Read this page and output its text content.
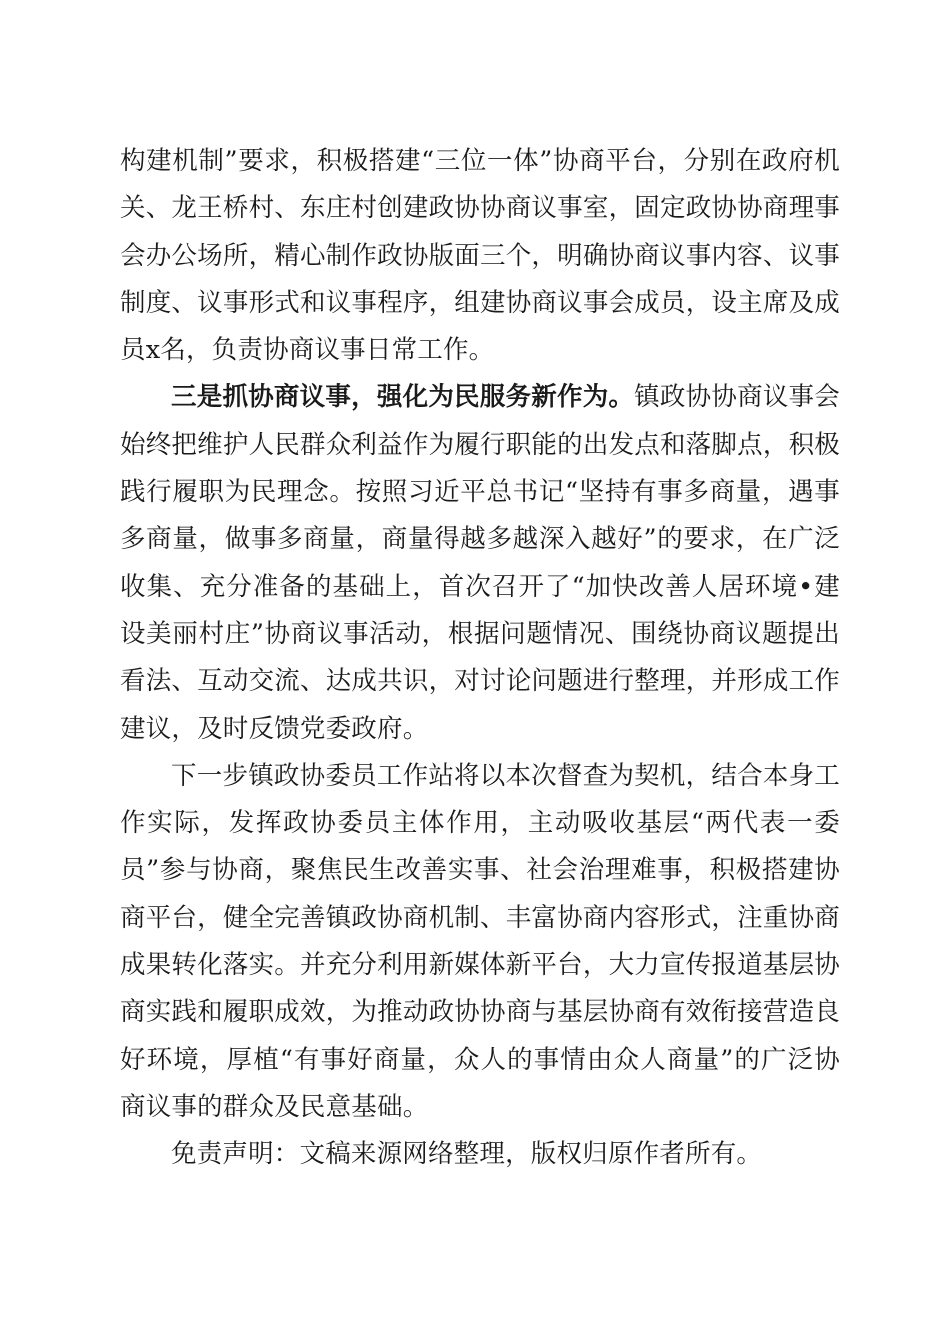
构建机制”要求，积极搭建“三位一体”协商平台，分别在政府机关、龙王桥村、东庄村创建政协协商议事室，固定政协协商理事会办公场所，精心制作政协版面三个，明确协商议事内容、议事制度、议事形式和议事程序，组建协商议事会成员，设主席及成员x名，负责协商议事日常工作。

三是抓协商议事，强化为民服务新作为。镇政协协商议事会始终把维护人民群众利益作为履行职能的出发点和落脚点，积极践行履职为民理念。按照习近平总书记“坚持有事多商量，遇事多商量，做事多商量，商量得越多越深入越好”的要求，在广泛收集、充分准备的基础上，首次召开了“加快改善人居环境•建设美丽村庄”协商议事活动，根据问题情况、围绕协商议题提出看法、互动交流、达成共识，对讨论问题进行整理，并形成工作建议，及时反馈党委政府。

下一步镇政协委员工作站将以本次督查为契机，结合本身工作实际，发挥政协委员主体作用，主动吸收基层“两代表一委员”参与协商，聚焦民生改善实事、社会治理难事，积极搭建协商平台，健全完善镇政协商机制、丰富协商内容形式，注重协商成果转化落实。并充分利用新媒体新平台，大力宣传报道基层协商实践和履职成效，为推动政协协商与基层协商有效衔接营造良好环境，厚植“有事好商量，众人的事情由众人商量”的广泛协商议事的群众及民意基础。

免责声明：文稿来源网络整理，版权归原作者所有。
